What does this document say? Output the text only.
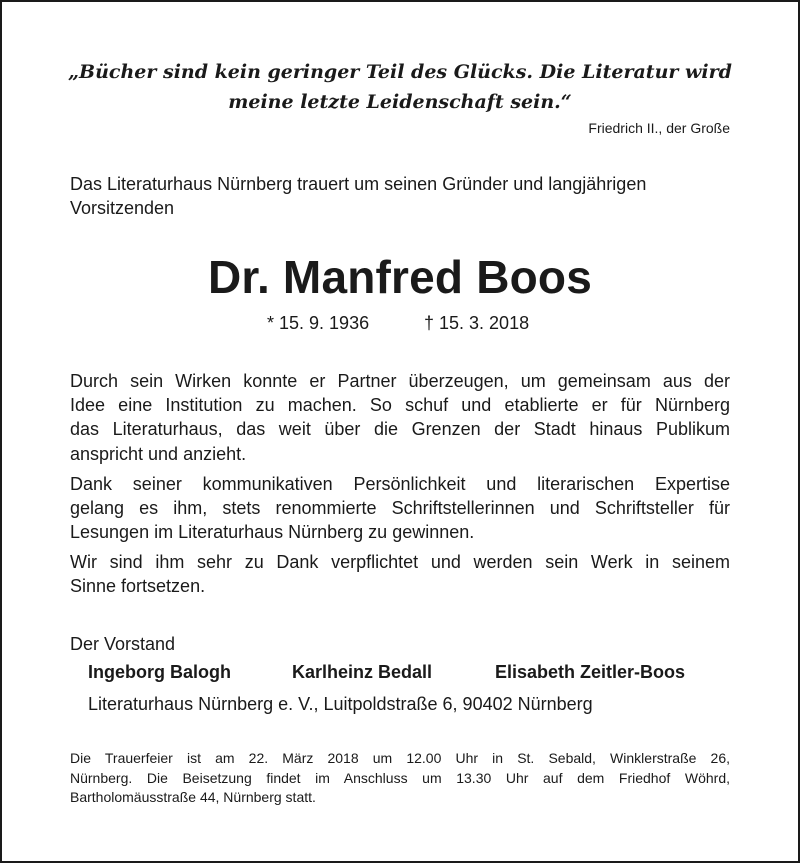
„Bücher sind kein geringer Teil des Glücks. Die Literatur wird
meine letzte Leidenschaft sein.“
Friedrich II., der Große
Das Literaturhaus Nürnberg trauert um seinen Gründer und langjährigen
Vorsitzenden
Dr. Manfred Boos
* 15. 9. 1936	† 15. 3. 2018
Durch sein Wirken konnte er Partner überzeugen, um gemeinsam aus der
Idee eine Institution zu machen. So schuf und etablierte er für Nürnberg
das Literaturhaus, das weit über die Grenzen der Stadt hinaus Publikum
anspricht und anzieht.
Dank seiner kommunikativen Persönlichkeit und literarischen Expertise
gelang es ihm, stets renommierte Schriftstellerinnen und Schriftsteller für
Lesungen im Literaturhaus Nürnberg zu gewinnen.
Wir sind ihm sehr zu Dank verpflichtet und werden sein Werk in seinem
Sinne fortsetzen.
Der Vorstand
Ingeborg Balogh	Karlheinz Bedall	Elisabeth Zeitler-Boos
Literaturhaus Nürnberg e. V., Luitpoldstraße 6, 90402 Nürnberg
Die Trauerfeier ist am 22. März 2018 um 12.00 Uhr in St. Sebald, Winklerstraße 26,
Nürnberg. Die Beisetzung findet im Anschluss um 13.30 Uhr auf dem Friedhof Wöhrd,
Bartholomäusstraße 44, Nürnberg statt.
